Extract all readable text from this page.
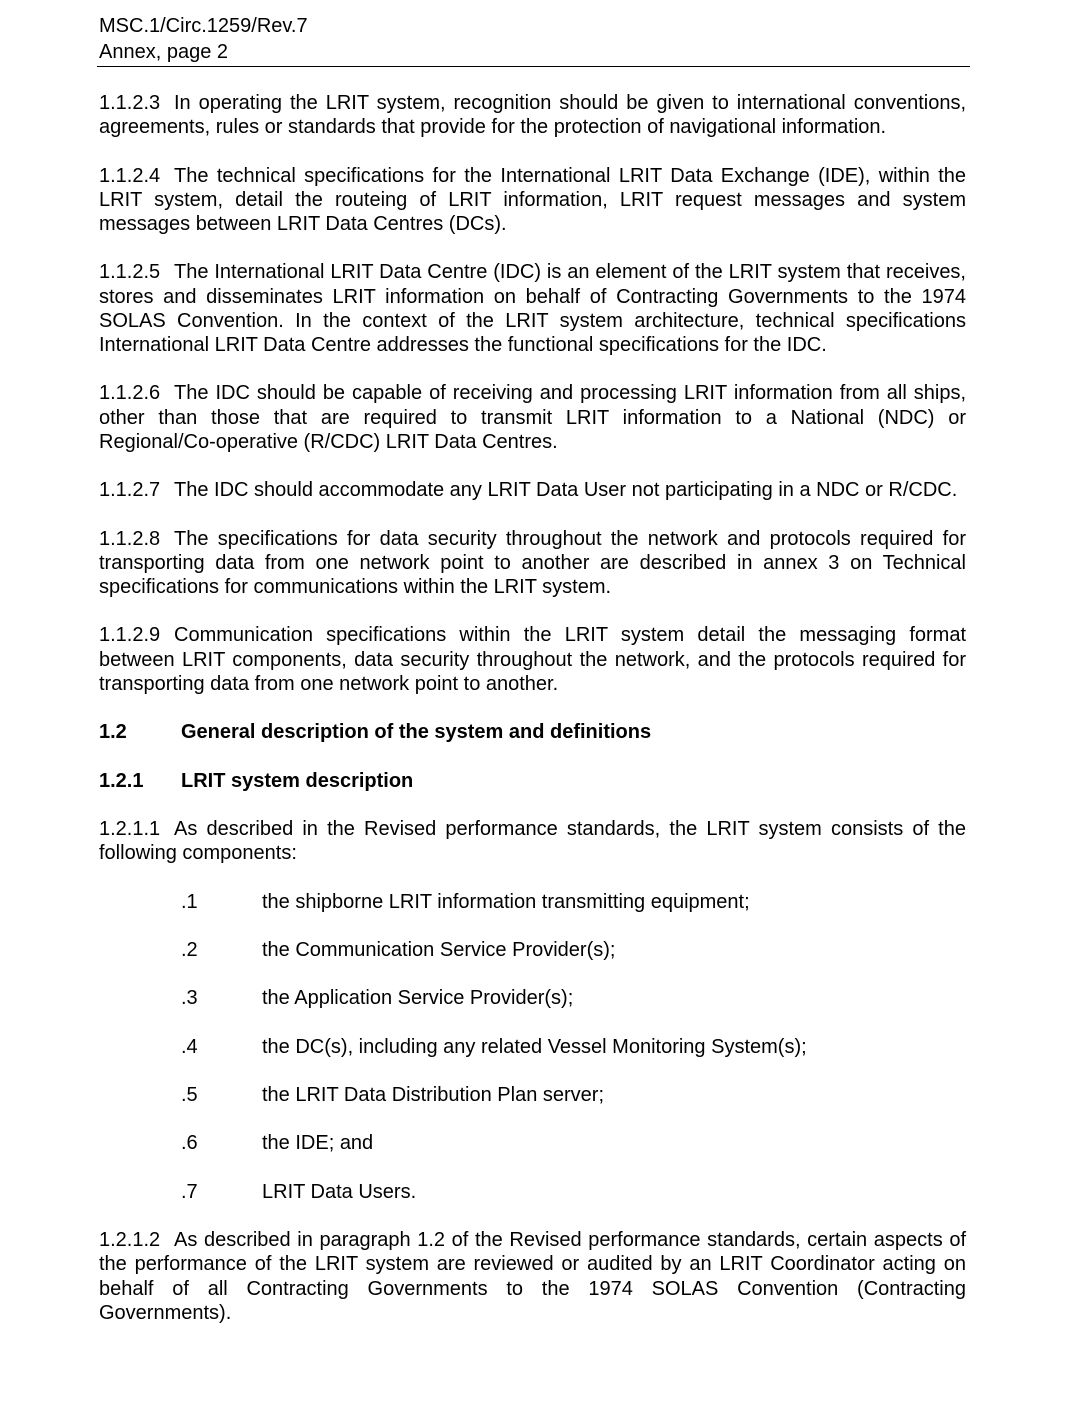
MSC.1/Circ.1259/Rev.7
Annex, page 2

1.1.2.3 In operating the LRIT system, recognition should be given to international conventions, agreements, rules or standards that provide for the protection of navigational information.

1.1.2.4 The technical specifications for the International LRIT Data Exchange (IDE), within the LRIT system, detail the routeing of LRIT information, LRIT request messages and system messages between LRIT Data Centres (DCs).

1.1.2.5 The International LRIT Data Centre (IDC) is an element of the LRIT system that receives, stores and disseminates LRIT information on behalf of Contracting Governments to the 1974 SOLAS Convention. In the context of the LRIT system architecture, technical specifications International LRIT Data Centre addresses the functional specifications for the IDC.

1.1.2.6 The IDC should be capable of receiving and processing LRIT information from all ships, other than those that are required to transmit LRIT information to a National (NDC) or Regional/Co-operative (R/CDC) LRIT Data Centres.

1.1.2.7 The IDC should accommodate any LRIT Data User not participating in a NDC or R/CDC.

1.1.2.8 The specifications for data security throughout the network and protocols required for transporting data from one network point to another are described in annex 3 on Technical specifications for communications within the LRIT system.

1.1.2.9 Communication specifications within the LRIT system detail the messaging format between LRIT components, data security throughout the network, and the protocols required for transporting data from one network point to another.

1.2	General description of the system and definitions
1.2.1 LRIT system description

1.2.1.1 As described in the Revised performance standards, the LRIT system consists of the following components:

.1	the shipborne LRIT information transmitting equipment;
.2	the Communication Service Provider(s);
.3	the Application Service Provider(s);
.4	the DC(s), including any related Vessel Monitoring System(s);
.5	the LRIT Data Distribution Plan server;
.6	the IDE; and
.7	LRIT Data Users.

1.2.1.2 As described in paragraph 1.2 of the Revised performance standards, certain aspects of the performance of the LRIT system are reviewed or audited by an LRIT Coordinator acting on behalf of all Contracting Governments to the 1974 SOLAS Convention (Contracting Governments).
